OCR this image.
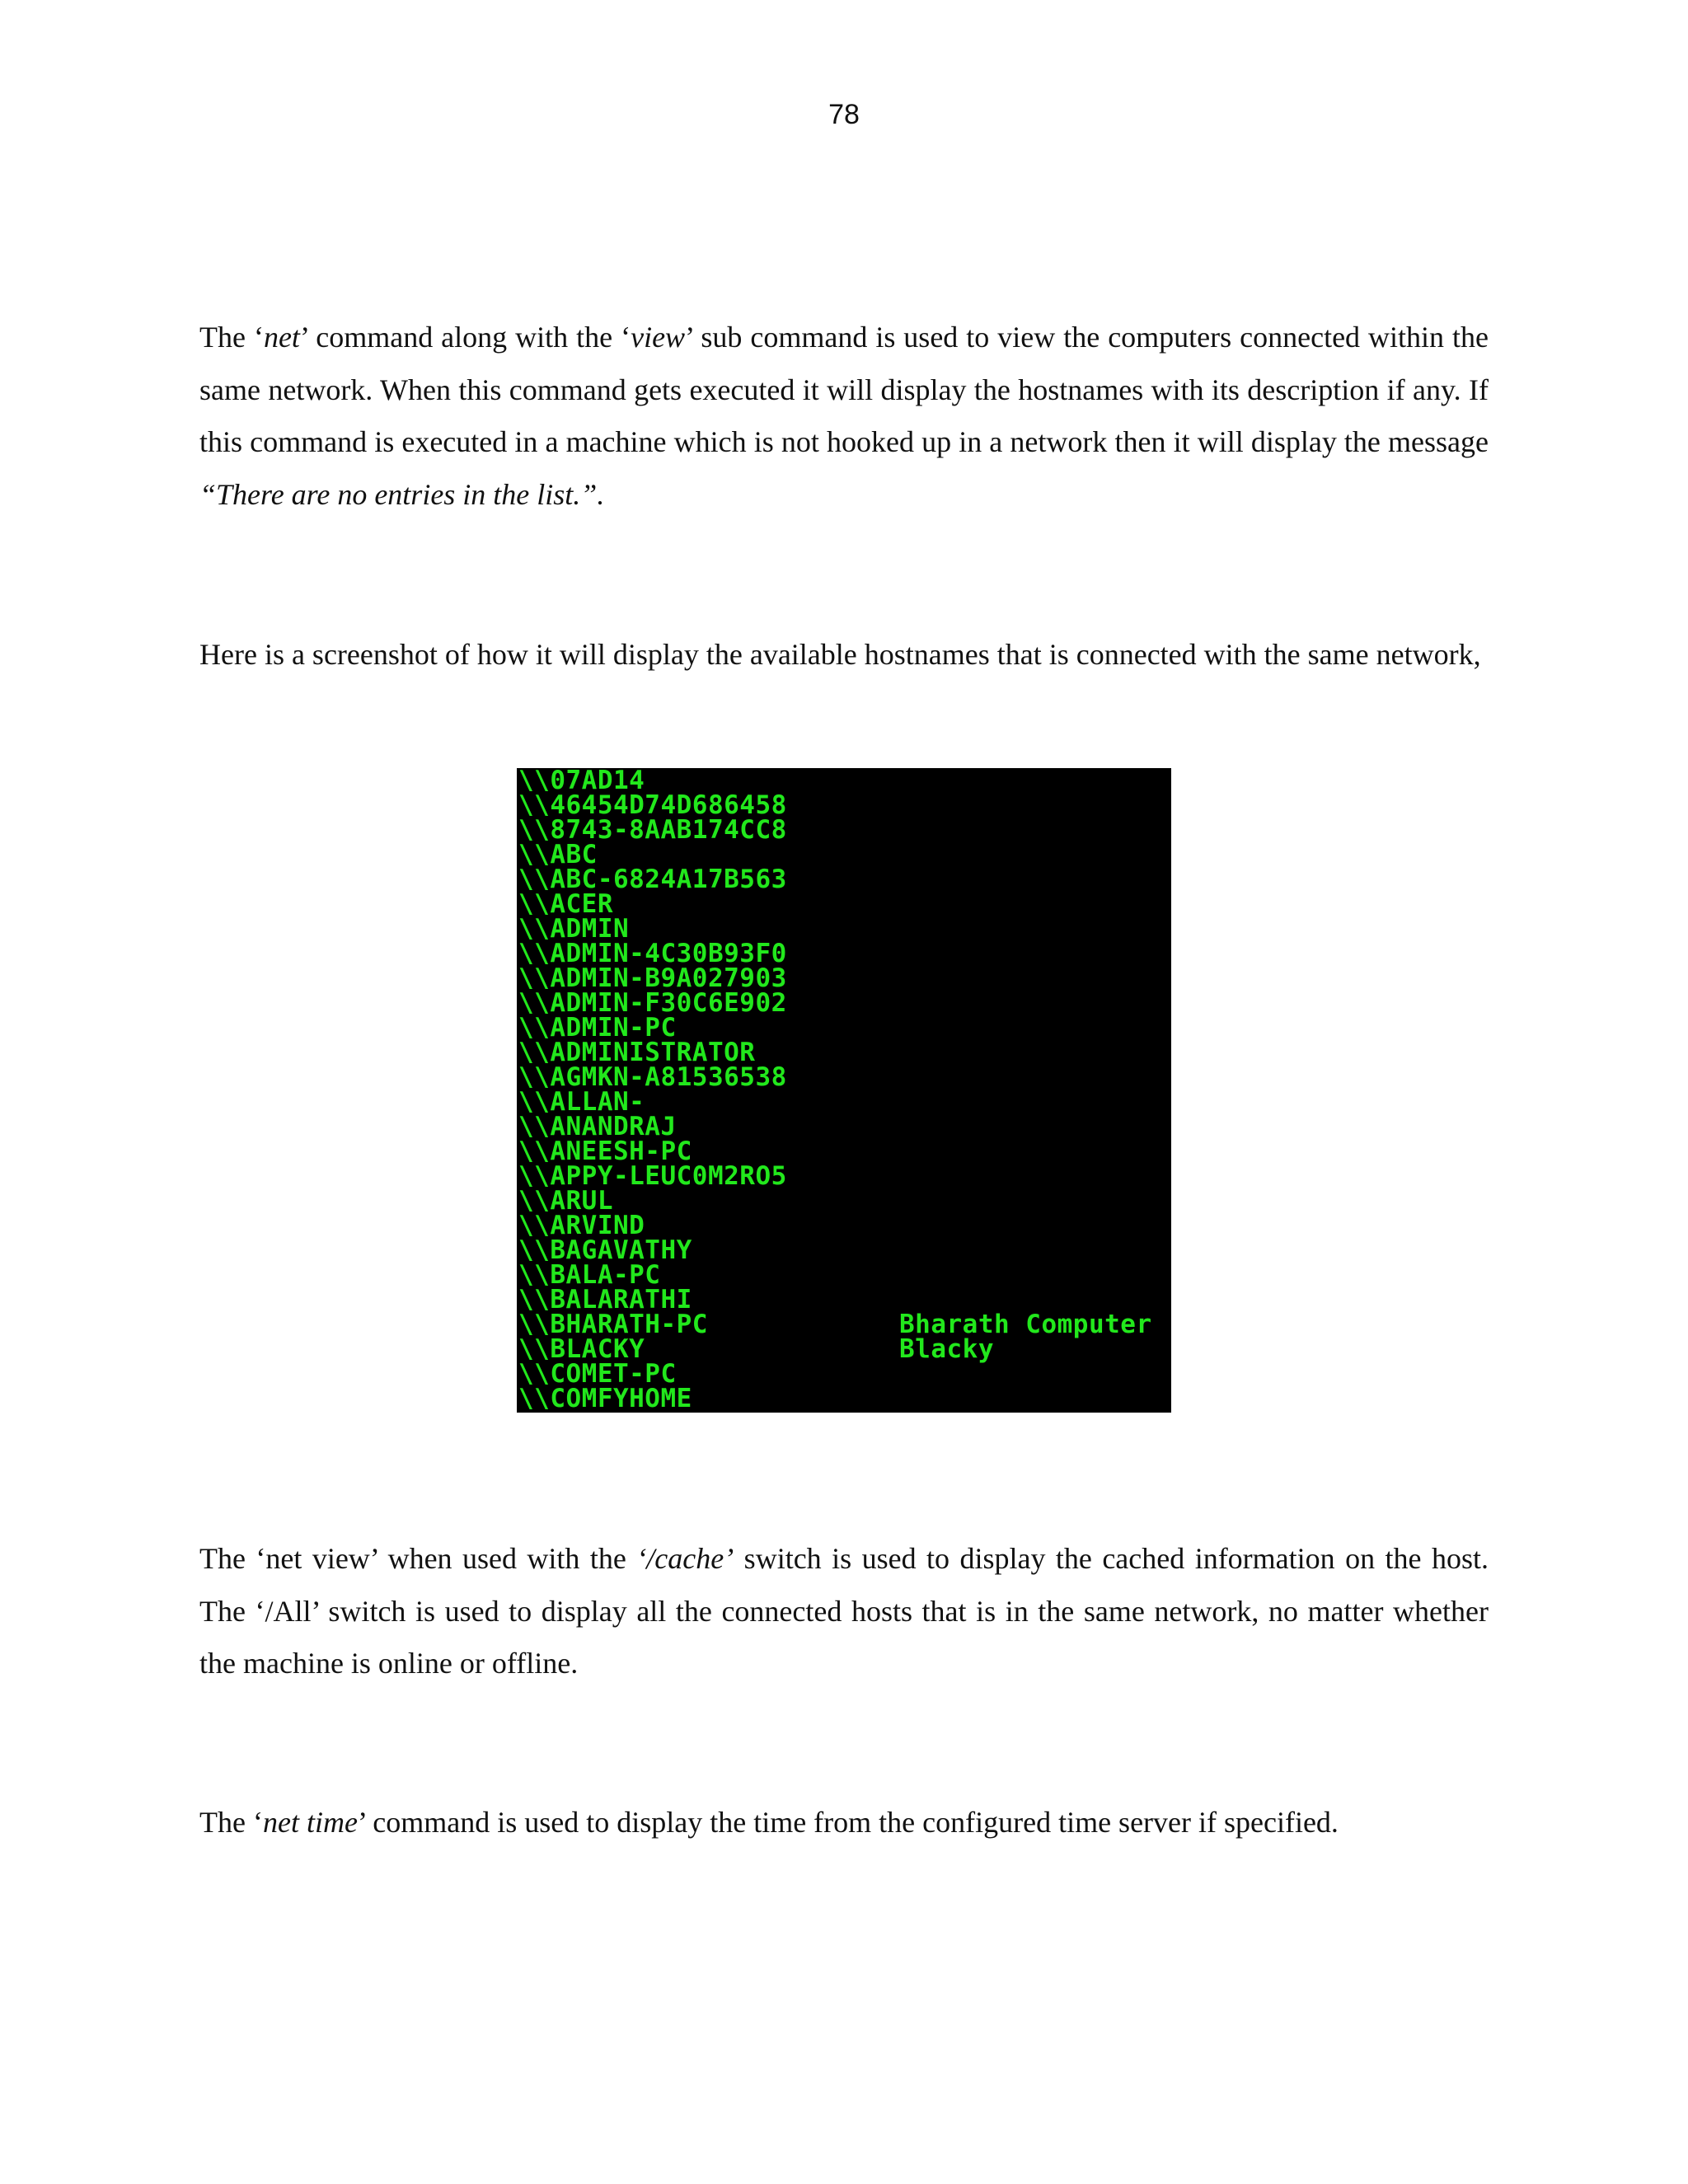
78

The ‘net’ command along with the ‘view’ sub command is used to view the computers connected within the same network. When this command gets executed it will display the hostnames with its description if any. If this command is executed in a machine which is not hooked up in a network then it will display the message “There are no entries in the list.”.

Here is a screenshot of how it will display the available hostnames that is connected with the same network,

\\07AD14
\\46454D74D686458
\\8743-8AAB174CC8
\\ABC
\\ABC-6824A17B563
\\ACER
\\ADMIN
\\ADMIN-4C30B93F0
\\ADMIN-B9A027903
\\ADMIN-F30C6E902
\\ADMIN-PC
\\ADMINISTRATOR
\\AGMKN-A81536538
\\ALLAN-
\\ANANDRAJ
\\ANEESH-PC
\\APPY-LEUC0M2RO5
\\ARUL
\\ARVIND
\\BAGAVATHY
\\BALA-PC
\\BALARATHI
\\BHARATH-PC
\\BLACKY
\\COMET-PC
\\COMFYHOME
Bharath Computer
Blacky

The ‘net view’ when used with the ‘/cache’ switch is used to display the cached information on the host. The ‘/All’ switch is used to display all the connected hosts that is in the same network, no matter whether the machine is online or offline.

The ‘net time’ command is used to display the time from the configured time server if specified.
